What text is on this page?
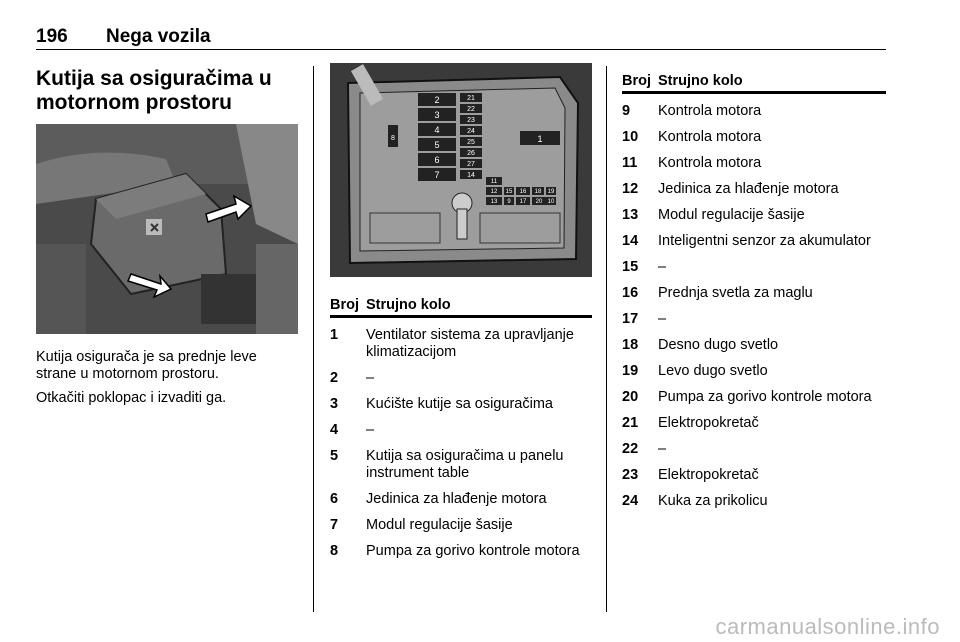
196 Nega vozila
Kutija sa osiguračima u motornom prostoru
Kutija osigurača je sa prednje leve strane u motornom prostoru.
Otkačiti poklopac i izvaditi ga.
2
3
4
5
6
7
21
22
23
24
25
26
27
14
1
8
11
12
13
15 16
17
18 19
20
9	10
Broj Strujno kolo
1	Ventilator sistema za upravljanje klimatizacijom
2	–
3	Kućište kutije sa osiguračima
4	–
5	Kutija sa osiguračima u panelu instrument table
6	Jedinica za hlađenje motora
7	Modul regulacije šasije
8	Pumpa za gorivo kontrole motora
Broj Strujno kolo
9	Kontrola motora
10	Kontrola motora
11	Kontrola motora
12	Jedinica za hlađenje motora
13	Modul regulacije šasije
14	Inteligentni senzor za akumulator
15	–
16	Prednja svetla za maglu
17	–
18	Desno dugo svetlo
19	Levo dugo svetlo
20	Pumpa za gorivo kontrole motora
21	Elektropokretač
22	–
23	Elektropokretač
24	Kuka za prikolicu
carmanualsonline.info
